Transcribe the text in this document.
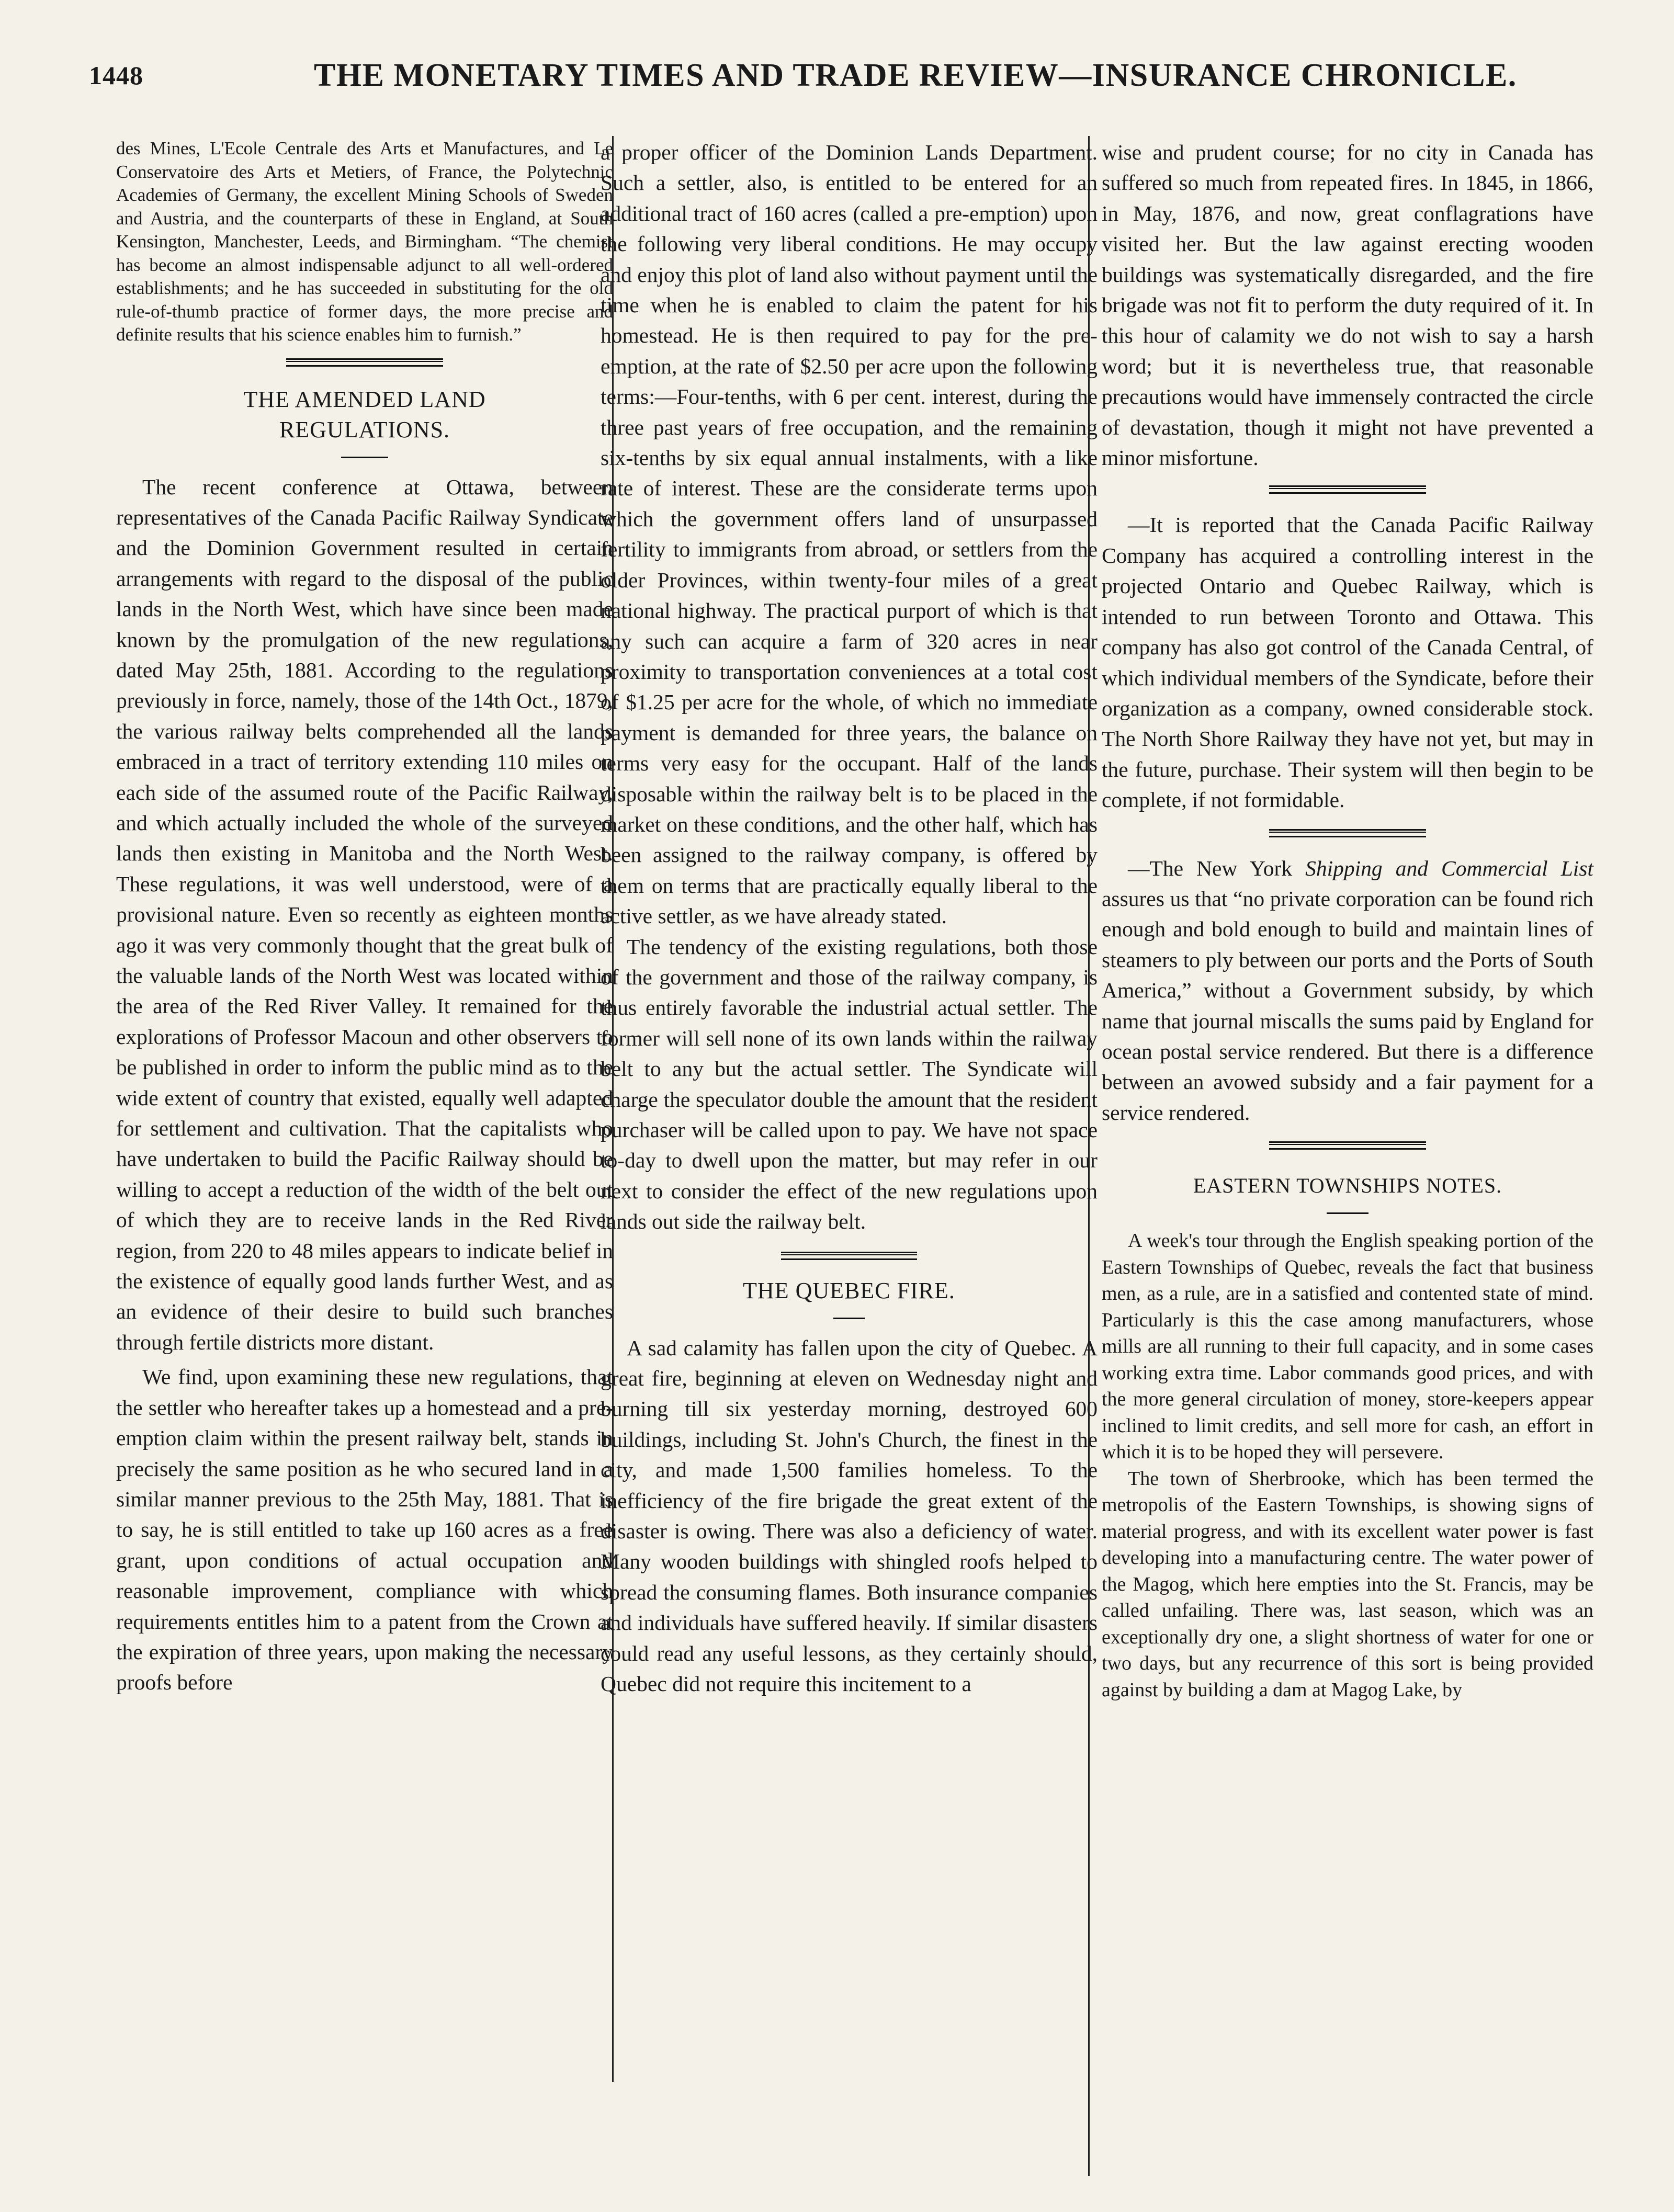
1448	THE MONETARY TIMES AND TRADE REVIEW—INSURANCE CHRONICLE.

des Mines, L'Ecole Centrale des Arts et Manufactures, and Le Conservatoire des Arts et Metiers, of France, the Polytechnic Academies of Germany, the excellent Mining Schools of Sweden and Austria, and the counterparts of these in England, at South Kensington, Manchester, Leeds, and Birmingham. “The chemist has become an almost indispensable adjunct to all well-ordered establishments; and he has succeeded in substituting for the old rule-of-thumb practice of former days, the more precise and definite results that his science enables him to furnish.”

THE AMENDED LAND

REGULATIONS.

The recent conference at Ottawa, between representatives of the Canada Pacific Railway Syndicate and the Dominion Government resulted in certain arrangements with regard to the disposal of the public lands in the North West, which have since been made known by the promulgation of the new regulations, dated May 25th, 1881. According to the regulations previously in force, namely, those of the 14th Oct., 1879, the various railway belts comprehended all the lands embraced in a tract of territory extending 110 miles on each side of the assumed route of the Pacific Railway, and which actually included the whole of the surveyed lands then existing in Manitoba and the North West. These regulations, it was well understood, were of a provisional nature. Even so recently as eighteen months ago it was very commonly thought that the great bulk of the valuable lands of the North West was located within the area of the Red River Valley. It remained for the explorations of Professor Macoun and other observers to be published in order to inform the public mind as to the wide extent of country that existed, equally well adapted for settlement and cultivation. That the capitalists who have undertaken to build the Pacific Railway should be willing to accept a reduction of the width of the belt out of which they are to receive lands in the Red River region, from 220 to 48 miles appears to indicate belief in the existence of equally good lands further West, and as an evidence of their desire to build such branches through fertile districts more distant.

We find, upon examining these new regulations, that the settler who hereafter takes up a homestead and a pre-emption claim within the present railway belt, stands in precisely the same position as he who secured land in a similar manner previous to the 25th May, 1881. That is to say, he is still entitled to take up 160 acres as a free grant, upon conditions of actual occupation and reasonable improvement, compliance with which requirements entitles him to a patent from the Crown at the expiration of three years, upon making the necessary proofs before

a proper officer of the Dominion Lands Department. Such a settler, also, is entitled to be entered for an additional tract of 160 acres (called a pre-emption) upon the following very liberal conditions. He may occupy and enjoy this plot of land also without payment until the time when he is enabled to claim the patent for his homestead. He is then required to pay for the pre-emption, at the rate of $2.50 per acre upon the following terms:—Four-tenths, with 6 per cent. interest, during the three past years of free occupation, and the remaining six-tenths by six equal annual instalments, with a like rate of interest. These are the considerate terms upon which the government offers land of unsurpassed fertility to immigrants from abroad, or settlers from the older Provinces, within twenty-four miles of a great national highway. The practical purport of which is that any such can acquire a farm of 320 acres in near proximity to transportation conveniences at a total cost of $1.25 per acre for the whole, of which no immediate payment is demanded for three years, the balance on terms very easy for the occupant. Half of the lands disposable within the railway belt is to be placed in the market on these conditions, and the other half, which has been assigned to the railway company, is offered by them on terms that are practically equally liberal to the active settler, as we have already stated.

The tendency of the existing regulations, both those of the government and those of the railway company, is thus entirely favorable the industrial actual settler. The former will sell none of its own lands within the railway belt to any but the actual settler. The Syndicate will charge the speculator double the amount that the resident purchaser will be called upon to pay. We have not space to-day to dwell upon the matter, but may refer in our next to consider the effect of the new regulations upon lands out side the railway belt.

THE QUEBEC FIRE.

A sad calamity has fallen upon the city of Quebec. A great fire, beginning at eleven on Wednesday night and burning till six yesterday morning, destroyed 600 buildings, including St. John's Church, the finest in the city, and made 1,500 families homeless. To the inefficiency of the fire brigade the great extent of the disaster is owing. There was also a deficiency of water. Many wooden buildings with shingled roofs helped to spread the consuming flames. Both insurance companies and individuals have suffered heavily. If similar disasters could read any useful lessons, as they certainly should, Quebec did not require this incitement to a

wise and prudent course; for no city in Canada has suffered so much from repeated fires. In 1845, in 1866, in May, 1876, and now, great conflagrations have visited her. But the law against erecting wooden buildings was systematically disregarded, and the fire brigade was not fit to perform the duty required of it. In this hour of calamity we do not wish to say a harsh word; but it is nevertheless true, that reasonable precautions would have immensely contracted the circle of devastation, though it might not have prevented a minor misfortune.

—It is reported that the Canada Pacific Railway Company has acquired a controlling interest in the projected Ontario and Quebec Railway, which is intended to run between Toronto and Ottawa. This company has also got control of the Canada Central, of which individual members of the Syndicate, before their organization as a company, owned considerable stock. The North Shore Railway they have not yet, but may in the future, purchase. Their system will then begin to be complete, if not formidable.

—The New York Shipping and Commercial List assures us that “no private corporation can be found rich enough and bold enough to build and maintain lines of steamers to ply between our ports and the Ports of South America,” without a Government subsidy, by which name that journal miscalls the sums paid by England for ocean postal service rendered. But there is a difference between an avowed subsidy and a fair payment for a service rendered.

EASTERN TOWNSHIPS NOTES.

A week's tour through the English speaking portion of the Eastern Townships of Quebec, reveals the fact that business men, as a rule, are in a satisfied and contented state of mind. Particularly is this the case among manufacturers, whose mills are all running to their full capacity, and in some cases working extra time. Labor commands good prices, and with the more general circulation of money, store-keepers appear inclined to limit credits, and sell more for cash, an effort in which it is to be hoped they will persevere.

The town of Sherbrooke, which has been termed the metropolis of the Eastern Townships, is showing signs of material progress, and with its excellent water power is fast developing into a manufacturing centre. The water power of the Magog, which here empties into the St. Francis, may be called unfailing. There was, last season, which was an exceptionally dry one, a slight shortness of water for one or two days, but any recurrence of this sort is being provided against by building a dam at Magog Lake, by
